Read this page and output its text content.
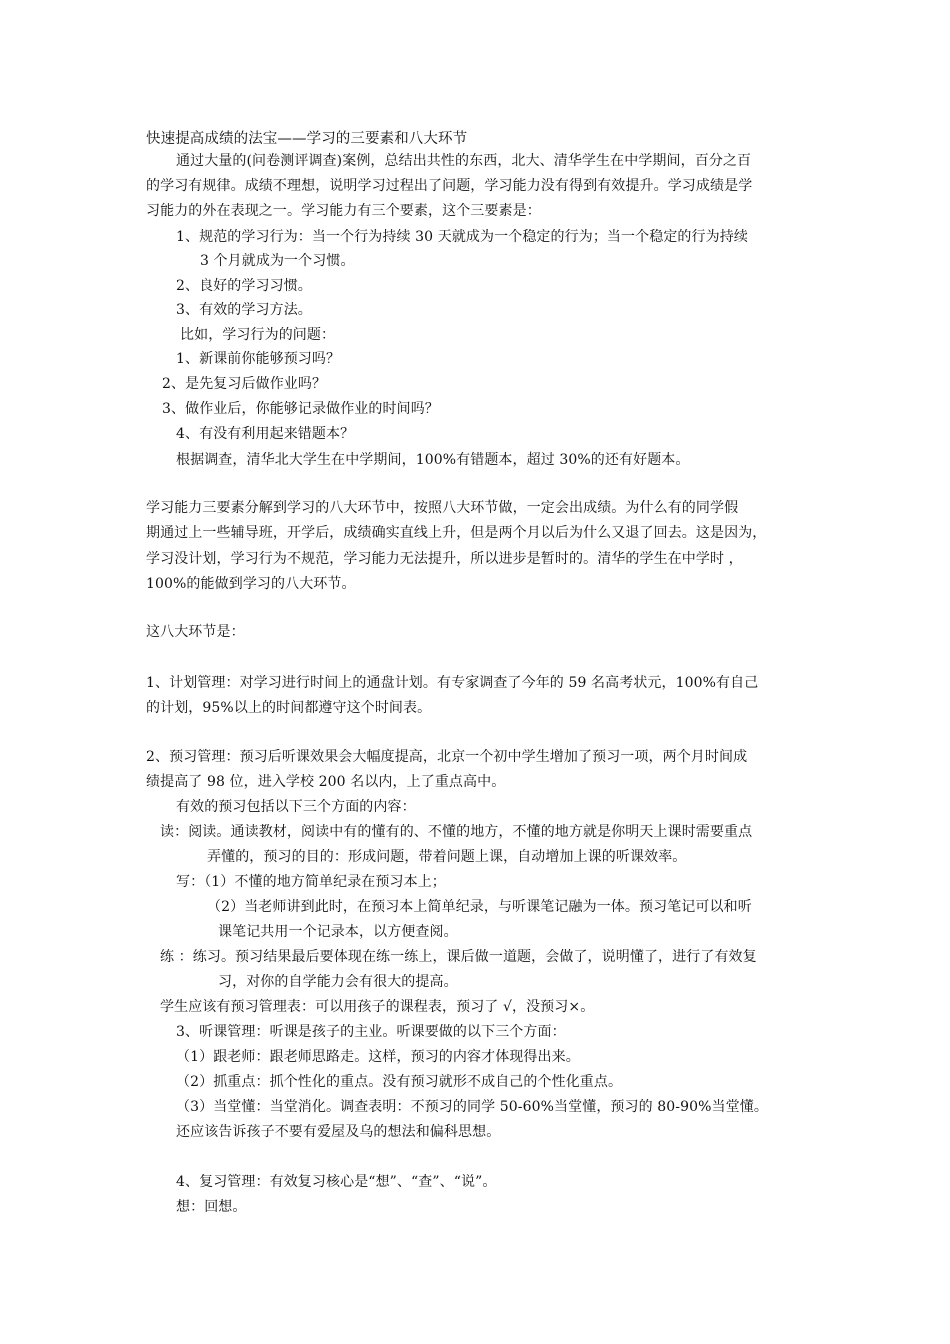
快速提高成绩的法宝——学习的三要素和八大环节
通过大量的(问卷测评调查)案例，总结出共性的东西，北大、清华学生在中学期间，百分之百
的学习有规律。成绩不理想，说明学习过程出了问题，学习能力没有得到有效提升。学习成绩是学
习能力的外在表现之一。学习能力有三个要素，这个三要素是：
1、规范的学习行为：当一个行为持续 30 天就成为一个稳定的行为；当一个稳定的行为持续
3 个月就成为一个习惯。
2、良好的学习习惯。
3、有效的学习方法。
比如，学习行为的问题：
1、新课前你能够预习吗？
2、是先复习后做作业吗？
3、做作业后，你能够记录做作业的时间吗？
4、有没有利用起来错题本？
根据调查，清华北大学生在中学期间，100%有错题本，超过 30%的还有好题本。
学习能力三要素分解到学习的八大环节中，按照八大环节做，一定会出成绩。为什么有的同学假
期通过上一些辅导班，开学后，成绩确实直线上升，但是两个月以后为什么又退了回去。这是因为，
学习没计划，学习行为不规范，学习能力无法提升，所以进步是暂时的。清华的学生在中学时 ，
100%的能做到学习的八大环节。
这八大环节是：
1、计划管理：对学习进行时间上的通盘计划。有专家调查了今年的 59 名高考状元，100%有自己
的计划，95%以上的时间都遵守这个时间表。
2、预习管理：预习后听课效果会大幅度提高，北京一个初中学生增加了预习一项，两个月时间成
绩提高了 98 位，进入学校 200 名以内，上了重点高中。
有效的预习包括以下三个方面的内容：
读：阅读。通读教材，阅读中有的懂有的、不懂的地方，不懂的地方就是你明天上课时需要重点
弄懂的，预习的目的：形成问题，带着问题上课，自动增加上课的听课效率。
写：（1）不懂的地方简单纪录在预习本上；
（2）当老师讲到此时，在预习本上简单纪录，与听课笔记融为一体。预习笔记可以和听
课笔记共用一个记录本，以方便查阅。
练 ：练习。预习结果最后要体现在练一练上，课后做一道题，会做了，说明懂了，进行了有效复
习，对你的自学能力会有很大的提高。
学生应该有预习管理表：可以用孩子的课程表，预习了 √，没预习×。
3、听课管理：听课是孩子的主业。听课要做的以下三个方面：
（1）跟老师：跟老师思路走。这样，预习的内容才体现得出来。
（2）抓重点：抓个性化的重点。没有预习就形不成自己的个性化重点。
（3）当堂懂：当堂消化。调查表明：不预习的同学 50-60%当堂懂，预习的 80-90%当堂懂。
还应该告诉孩子不要有爱屋及乌的想法和偏科思想。
4、复习管理：有效复习核心是“想”、“查”、“说”。
想：回想。
